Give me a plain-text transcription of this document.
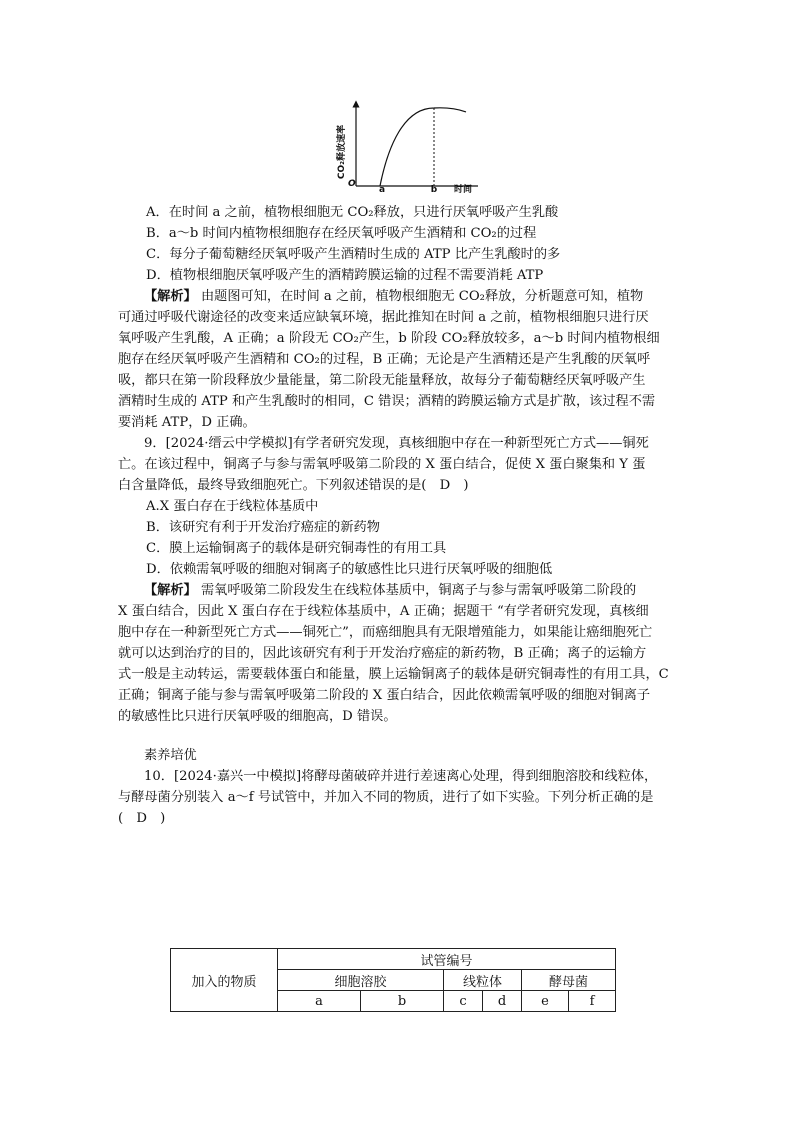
CO₂释放速率
O
a	b 时间
A．在时间 a 之前，植物根细胞无 CO₂释放，只进行厌氧呼吸产生乳酸
B．a～b 时间内植物根细胞存在经厌氧呼吸产生酒精和 CO₂的过程
C．每分子葡萄糖经厌氧呼吸产生酒精时生成的 ATP 比产生乳酸时的多
D．植物根细胞厌氧呼吸产生的酒精跨膜运输的过程不需要消耗 ATP
【解析】 由题图可知，在时间 a 之前，植物根细胞无 CO₂释放，分析题意可知，植物
可通过呼吸代谢途径的改变来适应缺氧环境，据此推知在时间 a 之前，植物根细胞只进行厌
氧呼吸产生乳酸，A 正确；a 阶段无 CO₂产生，b 阶段 CO₂释放较多，a～b 时间内植物根细
胞存在经厌氧呼吸产生酒精和 CO₂的过程，B 正确；无论是产生酒精还是产生乳酸的厌氧呼
吸，都只在第一阶段释放少量能量，第二阶段无能量释放，故每分子葡萄糖经厌氧呼吸产生
酒精时生成的 ATP 和产生乳酸时的相同，C 错误；酒精的跨膜运输方式是扩散，该过程不需
要消耗 ATP，D 正确。
9．[2024·缙云中学模拟]有学者研究发现，真核细胞中存在一种新型死亡方式——铜死
亡。在该过程中，铜离子与参与需氧呼吸第二阶段的 X 蛋白结合，促使 X 蛋白聚集和 Y 蛋
白含量降低，最终导致细胞死亡。下列叙述错误的是(　D　)
A.X 蛋白存在于线粒体基质中
B．该研究有利于开发治疗癌症的新药物
C．膜上运输铜离子的载体是研究铜毒性的有用工具
D．依赖需氧呼吸的细胞对铜离子的敏感性比只进行厌氧呼吸的细胞低
【解析】 需氧呼吸第二阶段发生在线粒体基质中，铜离子与参与需氧呼吸第二阶段的
X 蛋白结合，因此 X 蛋白存在于线粒体基质中，A 正确；据题干 “有学者研究发现，真核细
胞中存在一种新型死亡方式——铜死亡”，而癌细胞具有无限增殖能力，如果能让癌细胞死亡
就可以达到治疗的目的，因此该研究有利于开发治疗癌症的新药物，B 正确；离子的运输方
式一般是主动转运，需要载体蛋白和能量，膜上运输铜离子的载体是研究铜毒性的有用工具，C
正确；铜离子能与参与需氧呼吸第二阶段的 X 蛋白结合，因此依赖需氧呼吸的细胞对铜离子
的敏感性比只进行厌氧呼吸的细胞高，D 错误。
素养培优
10．[2024·嘉兴一中模拟]将酵母菌破碎并进行差速离心处理，得到细胞溶胶和线粒体，
与酵母菌分别装入 a～f 号试管中，并加入不同的物质，进行了如下实验。下列分析正确的是
(　D　)
加入的物质	试管编号					
	细胞溶胶		线粒体		酵母菌	
	a	b	c	d	e	f
